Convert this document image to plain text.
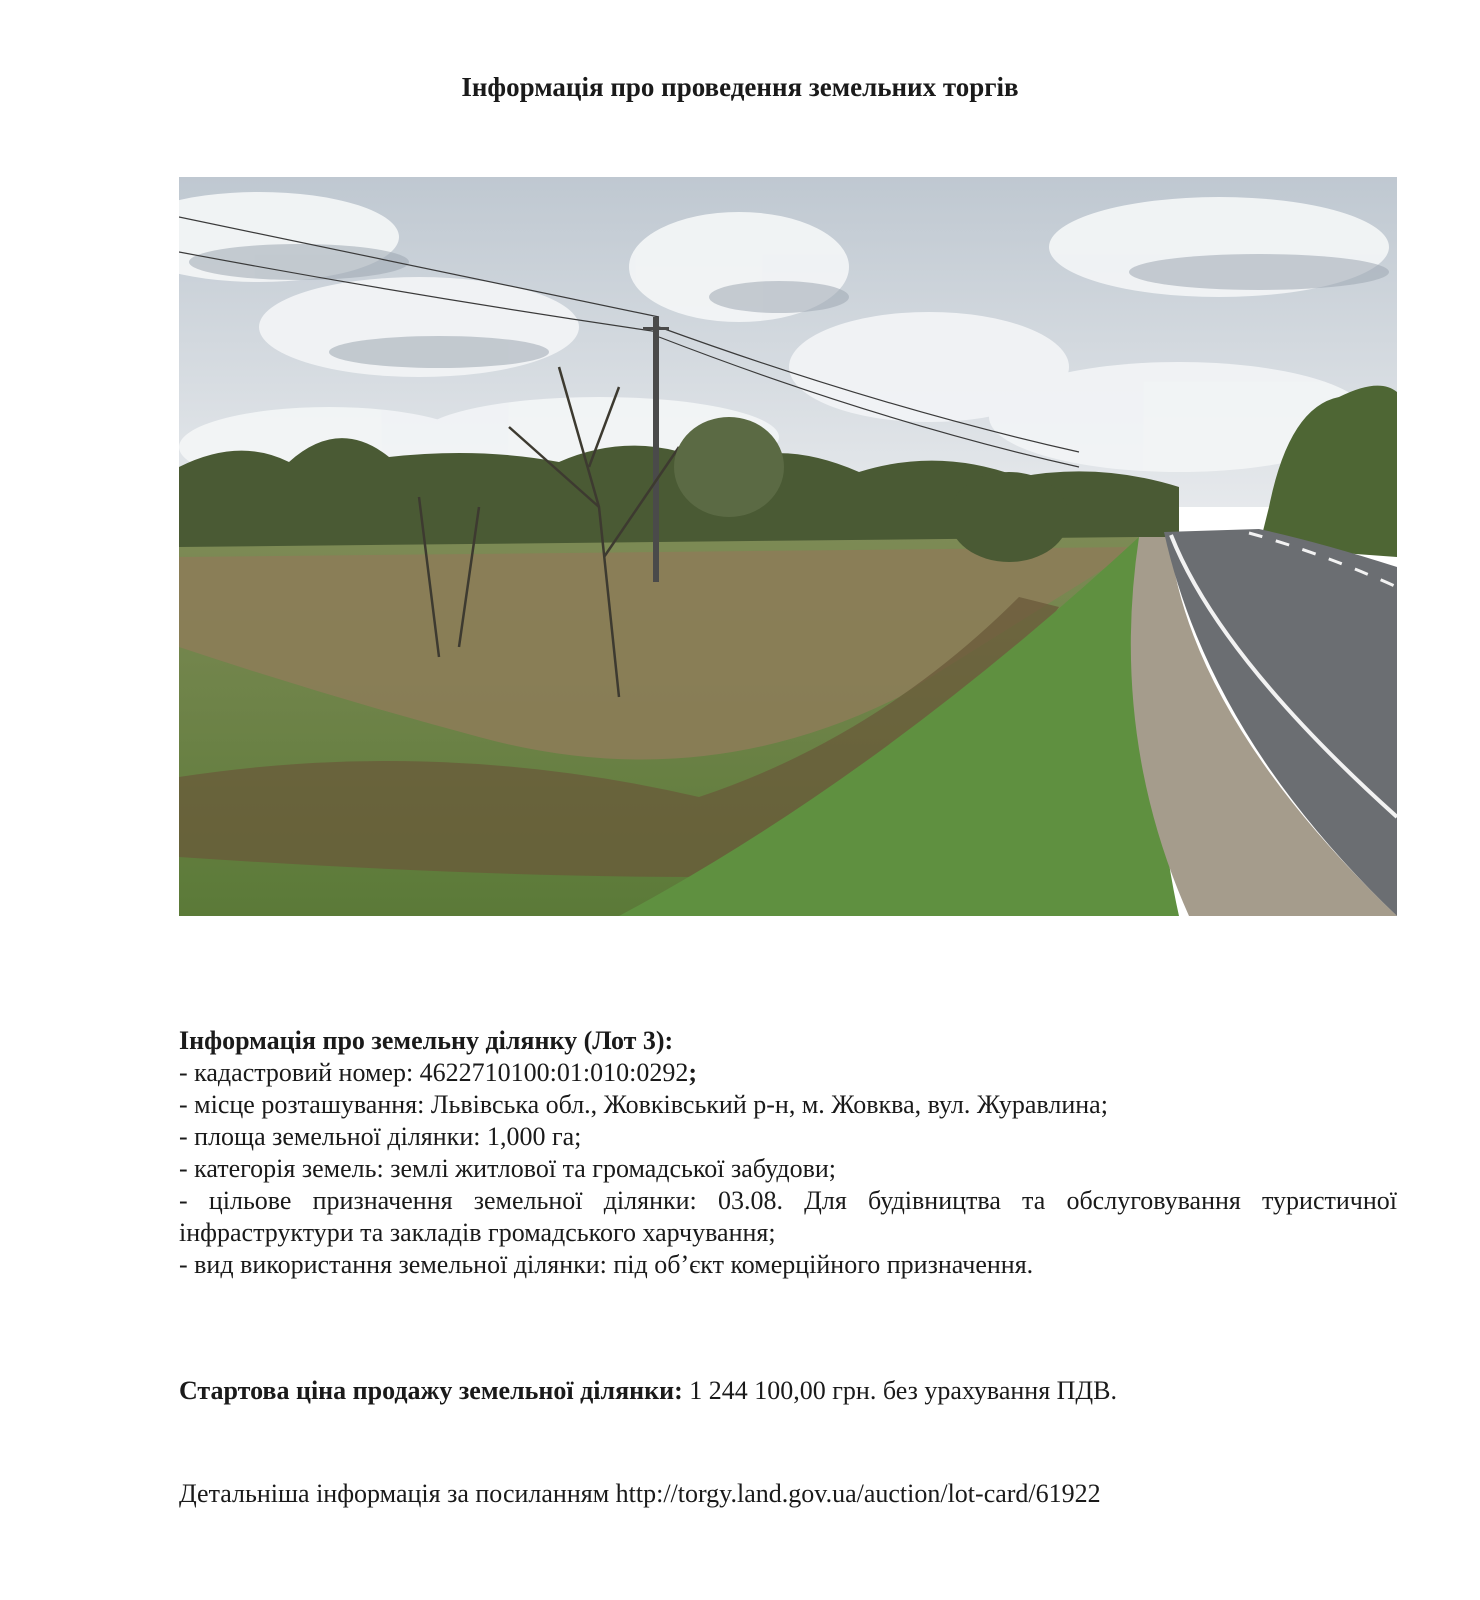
Інформація про проведення земельних торгів

Інформація про земельну ділянку (Лот 3):

- кадастровий номер: 4622710100:01:010:0292;

- місце розташування: Львівська обл., Жовківський р-н, м. Жовква, вул. Журавлина;

- площа земельної ділянки: 1,000 га;

- категорія земель: землі житлової та громадської забудови;

- цільове призначення земельної ділянки: 03.08. Для будівництва та обслуговування туристичної інфраструктури та закладів громадського харчування;

- вид використання земельної ділянки: під об’єкт комерційного призначення.

Стартова ціна продажу земельної ділянки: 1 244 100,00 грн. без урахування ПДВ.
Детальніша інформація за посиланням http://torgy.land.gov.ua/auction/lot-card/61922
